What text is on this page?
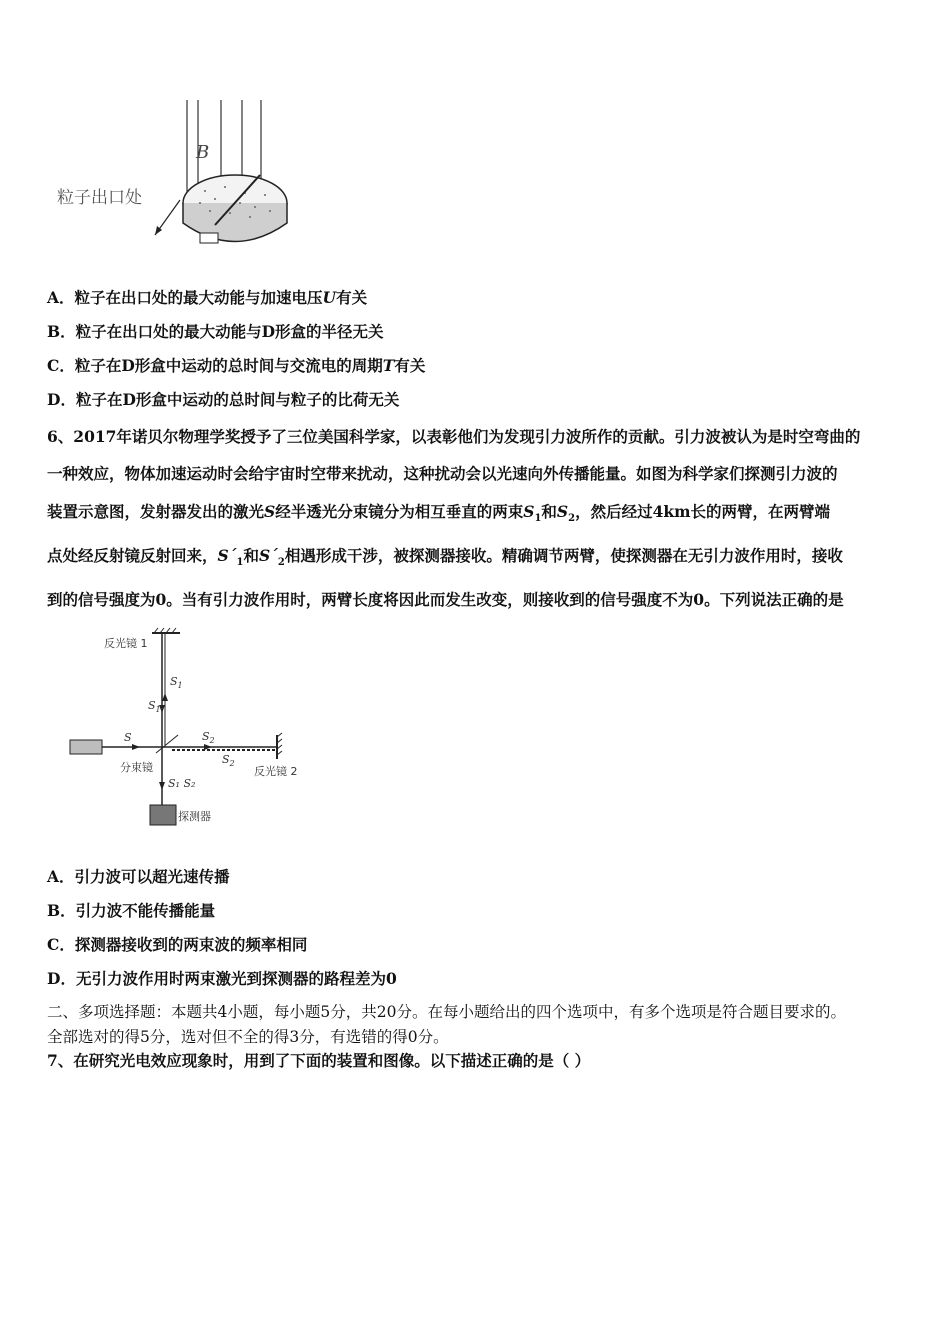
B
粒子出口处
A．粒子在出口处的最大动能与加速电压U有关
B．粒子在出口处的最大动能与D形盒的半径无关
C．粒子在D形盒中运动的总时间与交流电的周期T有关
D．粒子在D形盒中运动的总时间与粒子的比荷无关

6、2017年诺贝尔物理学奖授予了三位美国科学家，以表彰他们为发现引力波所作的贡献。引力波被认为是时空弯曲的

一种效应，物体加速运动时会给宇宙时空带来扰动，这种扰动会以光速向外传播能量。如图为科学家们探测引力波的

装置示意图，发射器发出的激光S经半透光分束镜分为相互垂直的两束$S_1$和$S_2$，然后经过4km长的两臂，在两臂端

点处经反射镜反射回来，$S´_1$和$S´_2$相遇形成干涉，被探测器接收。精确调节两臂，使探测器在无引力波作用时，接收

到的信号强度为0。当有引力波作用时，两臂长度将因此而发生改变，则接收到的信号强度不为0。下列说法正确的是

反光镜 1
$S_1$
$S_1$
S
分束镜
$S_2$
$S_2$
反光镜 2
S₁ S₂
探测器
A．引力波可以超光速传播
B．引力波不能传播能量
C．探测器接收到的两束波的频率相同
D．无引力波作用时两束激光到探测器的路程差为0

二、多项选择题：本题共4小题，每小题5分，共20分。在每小题给出的四个选项中，有多个选项是符合题目要求的。

全部选对的得5分，选对但不全的得3分，有选错的得0分。

7、在研究光电效应现象时，用到了下面的装置和图像。以下描述正确的是（ ）
